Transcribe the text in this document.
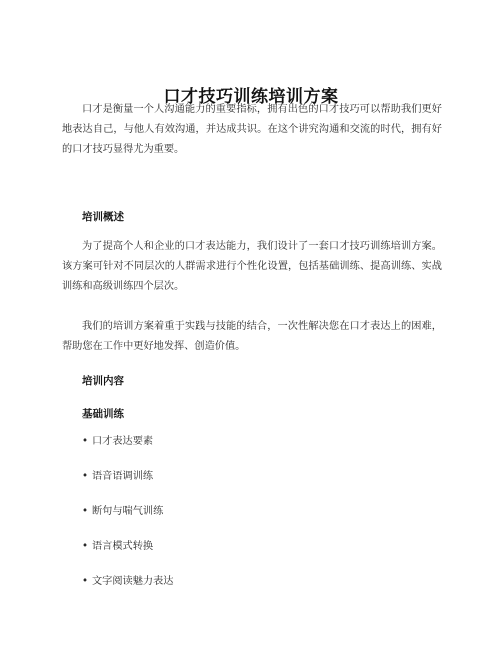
口才技巧训练培训方案

口才是衡量一个人沟通能力的重要指标，拥有出色的口才技巧可以帮助我们更好地表达自己，与他人有效沟通，并达成共识。在这个讲究沟通和交流的时代，拥有好的口才技巧显得尤为重要。

培训概述

为了提高个人和企业的口才表达能力，我们设计了一套口才技巧训练培训方案。该方案可针对不同层次的人群需求进行个性化设置，包括基础训练、提高训练、实战训练和高级训练四个层次。

我们的培训方案着重于实践与技能的结合，一次性解决您在口才表达上的困难，帮助您在工作中更好地发挥、创造价值。

培训内容
基础训练
• 口才表达要素
• 语音语调训练
• 断句与喘气训练
• 语言模式转换
• 文字阅读魅力表达
